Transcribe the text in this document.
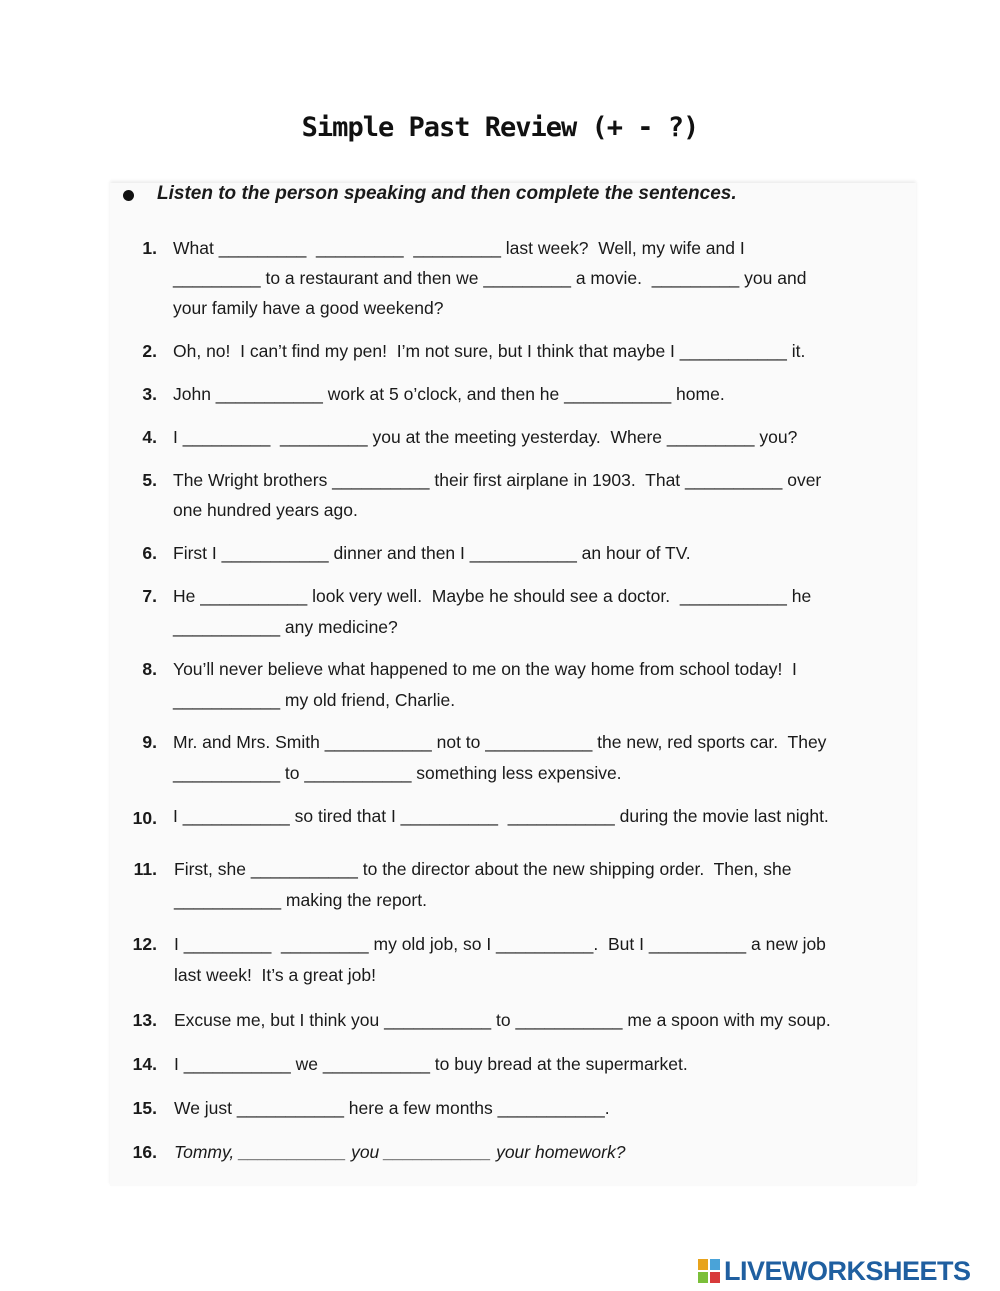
Simple Past Review (+ - ?)
Listen to the person speaking and then complete the sentences.
1. What _________  _________  _________ last week?  Well, my wife and I
_________ to a restaurant and then we _________ a movie.  _________ you and
your family have a good weekend?
2. Oh, no!  I can’t find my pen!  I’m not sure, but I think that maybe I ___________ it.
3. John ___________ work at 5 o’clock, and then he ___________ home.
4. I _________  _________ you at the meeting yesterday.  Where _________ you?
5. The Wright brothers __________ their first airplane in 1903.  That __________ over
one hundred years ago.
6. First I ___________ dinner and then I ___________ an hour of TV.
7. He ___________ look very well.  Maybe he should see a doctor.  ___________ he
___________ any medicine?
8. You’ll never believe what happened to me on the way home from school today!  I
___________ my old friend, Charlie.
9. Mr. and Mrs. Smith ___________ not to ___________ the new, red sports car.  They
___________ to ___________ something less expensive.
10. I ___________ so tired that I __________  ___________ during the movie last night.
11. First, she ___________ to the director about the new shipping order.  Then, she
___________ making the report.
12. I _________  _________ my old job, so I __________.  But I __________ a new job
last week!  It’s a great job!
13. Excuse me, but I think you ___________ to ___________ me a spoon with my soup.
14. I ___________ we ___________ to buy bread at the supermarket.
15. We just ___________ here a few months ___________.
16. Tommy, ___________ you ___________ your homework?
LIVEWORKSHEETS
